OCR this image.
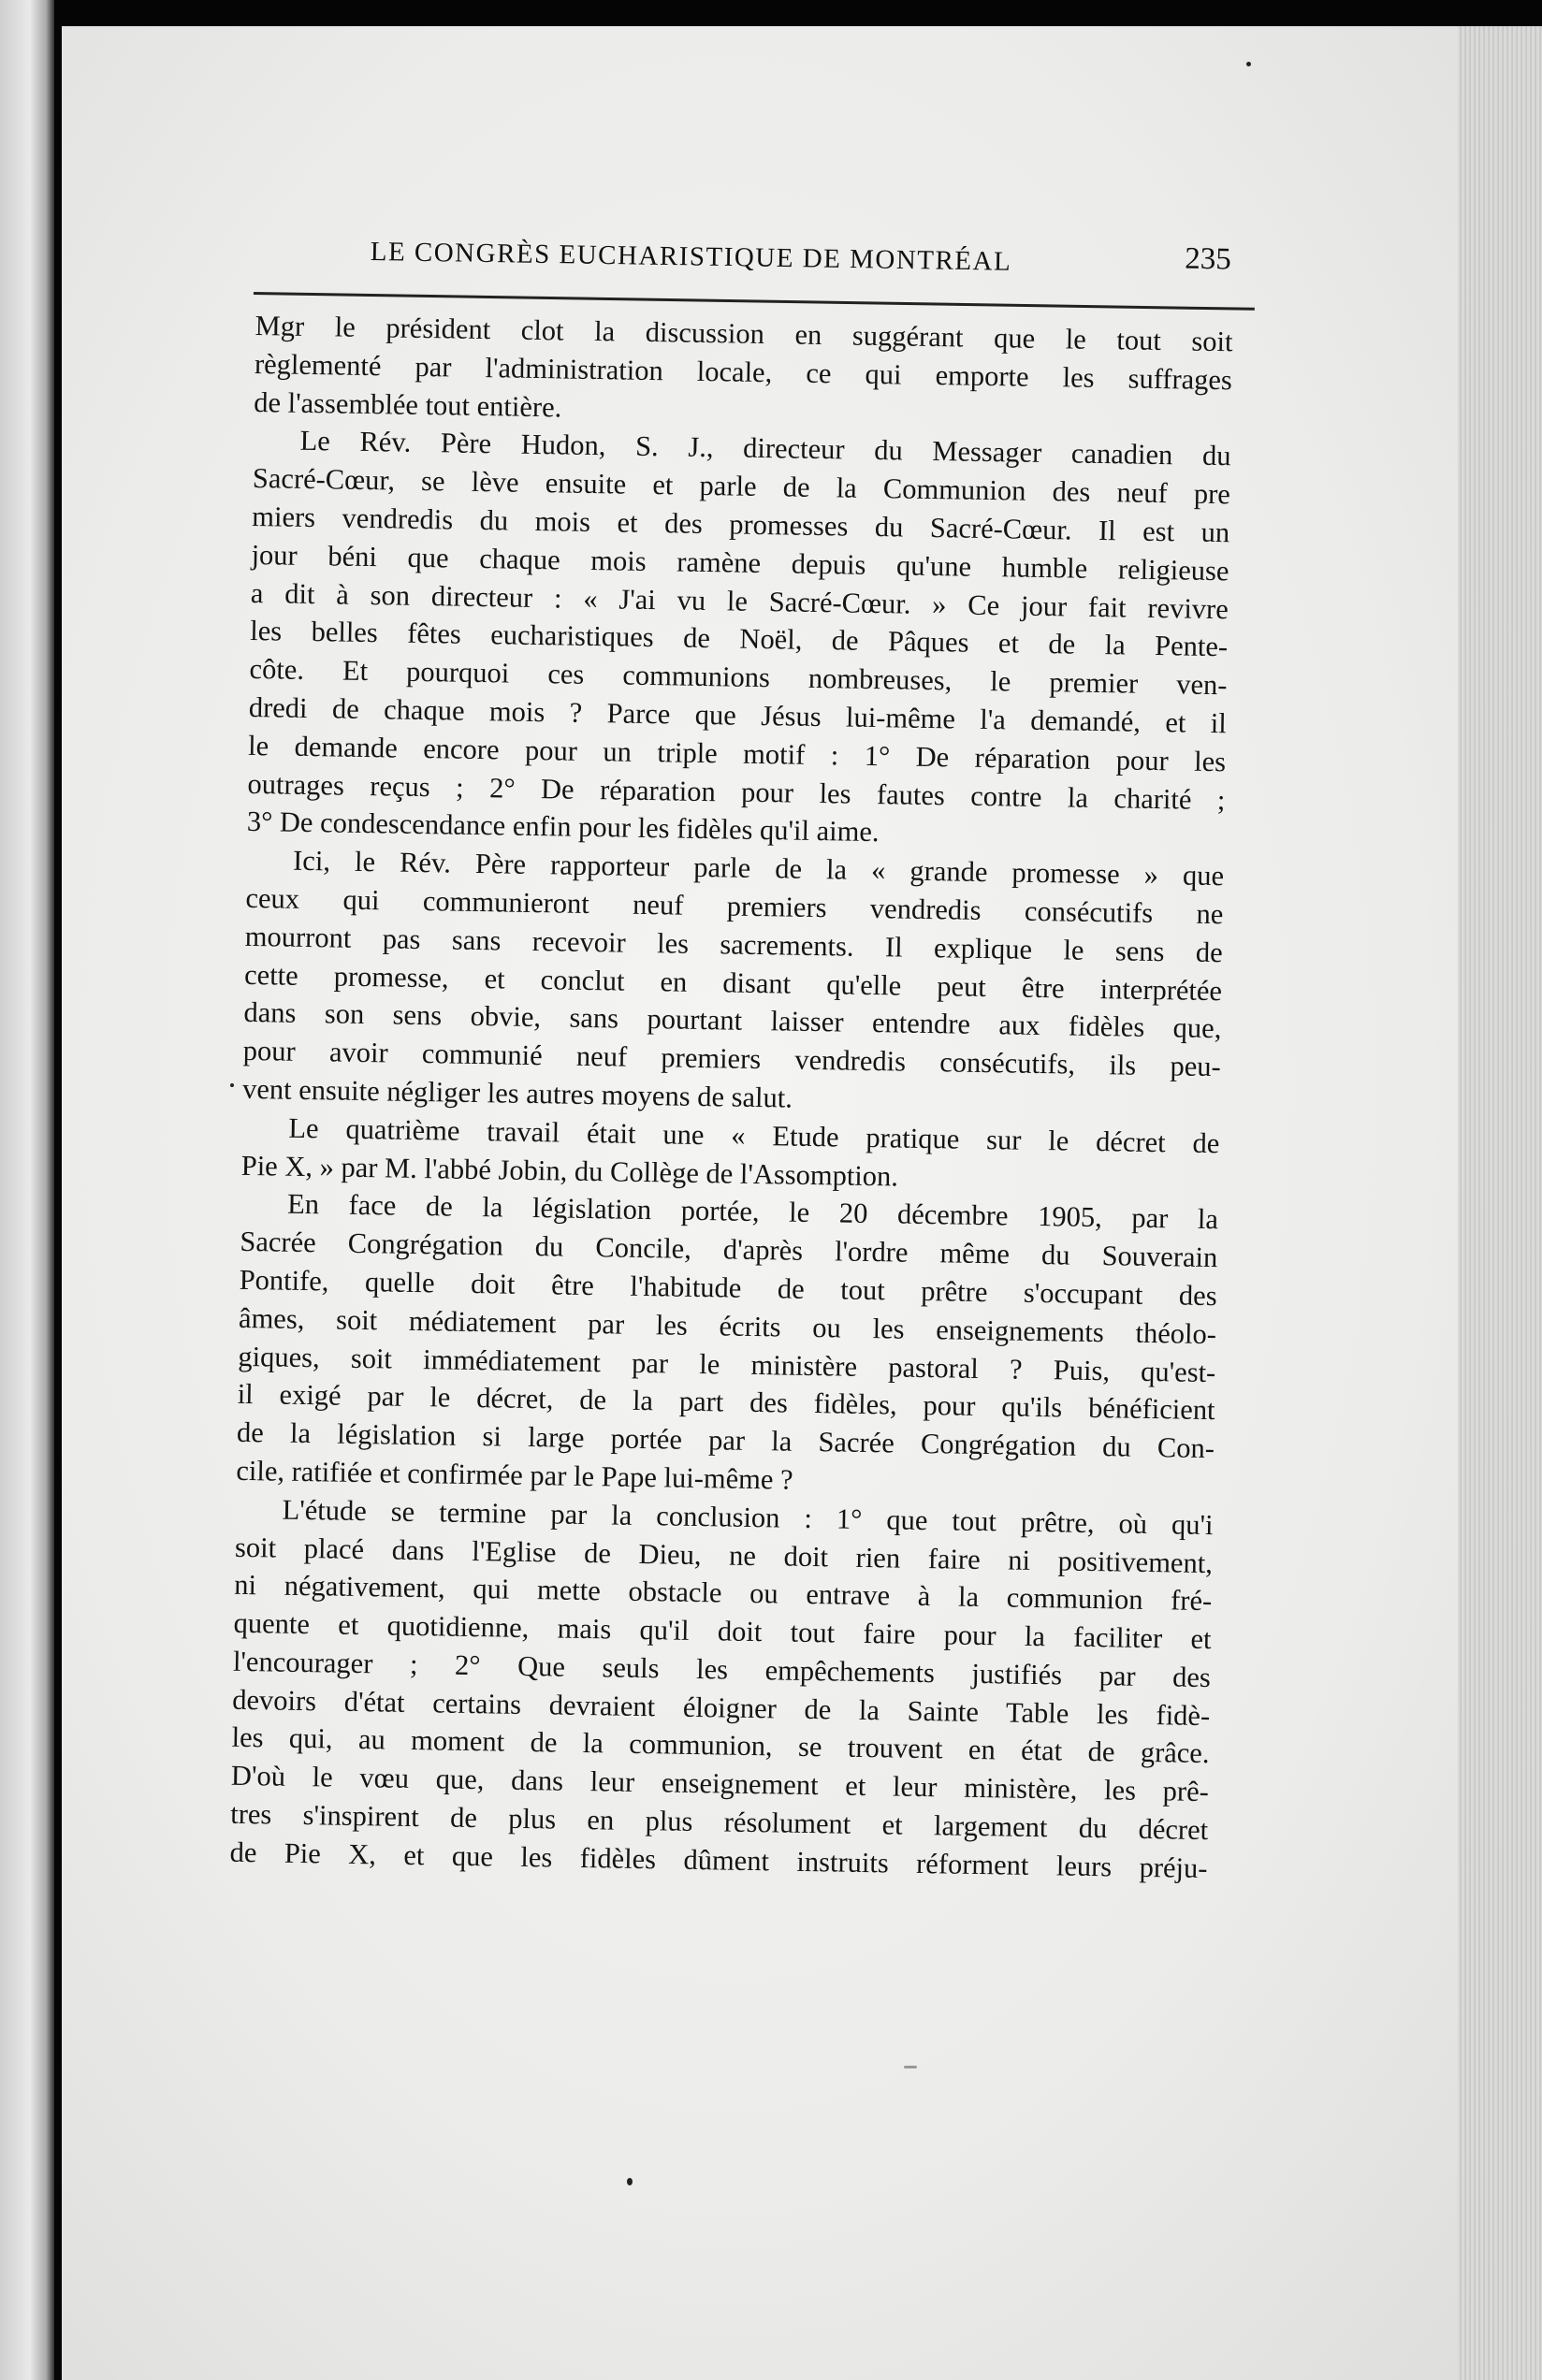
LE CONGRÈS EUCHARISTIQUE DE MONTRÉAL	235
Mgr le président clot la discussion en suggérant que le tout soit
règlementé par l'administration locale, ce qui emporte les suffrages
de l'assemblée tout entière.
Le Rév. Père Hudon, S. J., directeur du Messager canadien du
Sacré-Cœur, se lève ensuite et parle de la Communion des neuf pre
miers vendredis du mois et des promesses du Sacré-Cœur. Il est un
jour béni que chaque mois ramène depuis qu'une humble religieuse
a dit à son directeur : « J'ai vu le Sacré-Cœur. » Ce jour fait revivre
les belles fêtes eucharistiques de Noël, de Pâques et de la Pente-
côte. Et pourquoi ces communions nombreuses, le premier ven-
dredi de chaque mois ? Parce que Jésus lui-même l'a demandé, et il
le demande encore pour un triple motif : 1° De réparation pour les
outrages reçus ; 2° De réparation pour les fautes contre la charité ;
3° De condescendance enfin pour les fidèles qu'il aime.
Ici, le Rév. Père rapporteur parle de la « grande promesse » que
ceux qui communieront neuf premiers vendredis consécutifs ne
mourront pas sans recevoir les sacrements. Il explique le sens de
cette promesse, et conclut en disant qu'elle peut être interprétée
dans son sens obvie, sans pourtant laisser entendre aux fidèles que,
pour avoir communié neuf premiers vendredis consécutifs, ils peu-
vent ensuite négliger les autres moyens de salut.
Le quatrième travail était une « Etude pratique sur le décret de
Pie X, » par M. l'abbé Jobin, du Collège de l'Assomption.
En face de la législation portée, le 20 décembre 1905, par la
Sacrée Congrégation du Concile, d'après l'ordre même du Souverain
Pontife, quelle doit être l'habitude de tout prêtre s'occupant des
âmes, soit médiatement par les écrits ou les enseignements théolo-
giques, soit immédiatement par le ministère pastoral ? Puis, qu'est-
il exigé par le décret, de la part des fidèles, pour qu'ils bénéficient
de la législation si large portée par la Sacrée Congrégation du Con-
cile, ratifiée et confirmée par le Pape lui-même ?
L'étude se termine par la conclusion : 1° que tout prêtre, où qu'i
soit placé dans l'Eglise de Dieu, ne doit rien faire ni positivement,
ni négativement, qui mette obstacle ou entrave à la communion fré-
quente et quotidienne, mais qu'il doit tout faire pour la faciliter et
l'encourager ; 2° Que seuls les empêchements justifiés par des
devoirs d'état certains devraient éloigner de la Sainte Table les fidè-
les qui, au moment de la communion, se trouvent en état de grâce.
D'où le vœu que, dans leur enseignement et leur ministère, les prê-
tres s'inspirent de plus en plus résolument et largement du décret
de Pie X, et que les fidèles dûment instruits réforment leurs préju-
